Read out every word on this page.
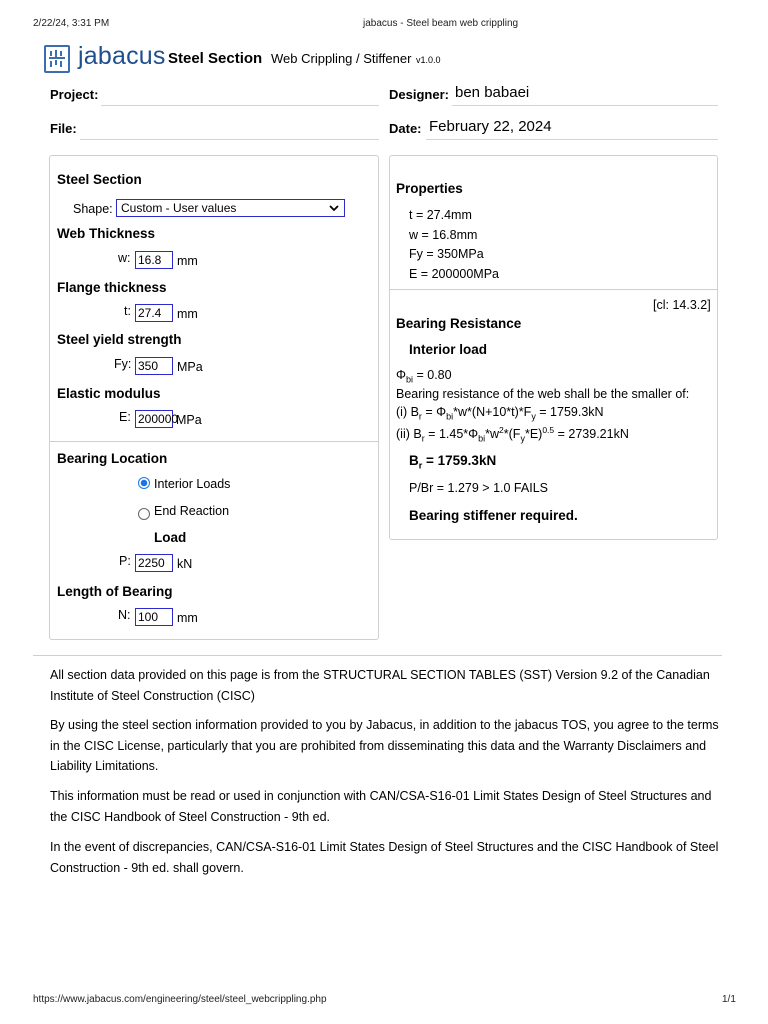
2/22/24, 3:31 PM	jabacus - Steel beam web crippling
jabacus Steel Section Web Crippling / Stiffener v1.0.0
Project:	Designer: ben babaei
File:	Date: February 22, 2024
Steel Section
Shape: Custom - User values
Web Thickness
w: 16.8	mm
Flange thickness
t: 27.4	mm
Steel yield strength
Fy: 350	MPa
Elastic modulus
E: 200000
MPa
Bearing Location
Interior Loads
End Reaction
Load
P: 2250 kN
Length of Bearing
N: 100	mm
Properties
t = 27.4mm
w = 16.8mm
Fy = 350MPa
E = 200000MPa
[cl: 14.3.2]
Bearing Resistance
Interior load
$\Phi_{bi} = 0.80$
Bearing resistance of the web shall be the smaller of:
(i) $B_r = \Phi_{bi}*w*(N+10*t)*F_y = 1759.3kN$
(ii) $B_r = 1.45*\Phi_{bi}*w^2*(F_y*E)^{0.5} = 2739.21kN$
$B_r = 1759.3kN$
P/Br = 1.279 > 1.0 FAILS
Bearing stiffener required.
All section data provided on this page is from the STRUCTURAL SECTION TABLES (SST) Version 9.2 of the Canadian Institute of Steel Construction (CISC)
By using the steel section information provided to you by Jabacus, in addition to the jabacus TOS, you agree to the terms in the CISC License, particularly that you are prohibited from disseminating this data and the Warranty Disclaimers and Liability Limitations.
This information must be read or used in conjunction with CAN/CSA-S16-01 Limit States Design of Steel Structures and the CISC Handbook of Steel Construction - 9th ed.
In the event of discrepancies, CAN/CSA-S16-01 Limit States Design of Steel Structures and the CISC Handbook of Steel Construction - 9th ed. shall govern.
https://www.jabacus.com/engineering/steel/steel_webcrippling.php	1/1
